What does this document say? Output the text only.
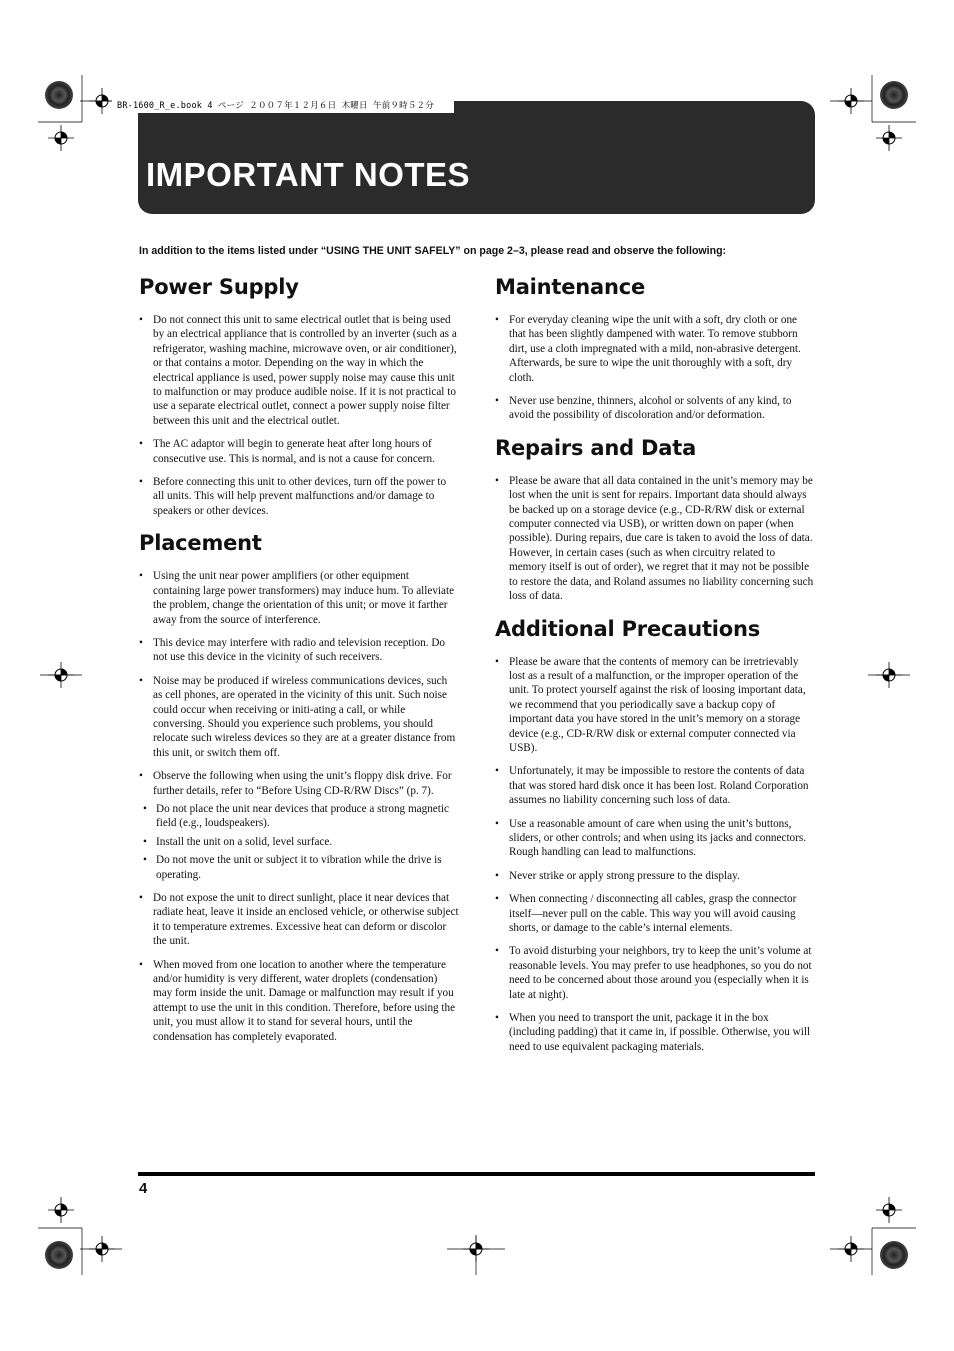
BR-1600_R_e.book 4 ページ ２００７年１２月６日 木曜日 午前９時５２分
IMPORTANT NOTES
In addition to the items listed under “USING THE UNIT SAFELY” on page 2–3, please read and observe the following:
Power Supply
• Do not connect this unit to same electrical outlet that is being used by an electrical appliance that is controlled by an inverter (such as a refrigerator, washing machine, microwave oven, or air conditioner), or that contains a motor. Depending on the way in which the electrical appliance is used, power supply noise may cause this unit to malfunction or may produce audible noise. If it is not practical to use a separate electrical outlet, connect a power supply noise filter between this unit and the electrical outlet.
• The AC adaptor will begin to generate heat after long hours of consecutive use. This is normal, and is not a cause for concern.
• Before connecting this unit to other devices, turn off the power to all units. This will help prevent malfunctions and/or damage to speakers or other devices.
Placement
• Using the unit near power amplifiers (or other equipment containing large power transformers) may induce hum. To alleviate the problem, change the orientation of this unit; or move it farther away from the source of interference.
• This device may interfere with radio and television reception. Do not use this device in the vicinity of such receivers.
• Noise may be produced if wireless communications devices, such as cell phones, are operated in the vicinity of this unit. Such noise could occur when receiving or initi-ating a call, or while conversing. Should you experience such problems, you should relocate such wireless devices so they are at a greater distance from this unit, or switch them off.
• Observe the following when using the unit’s floppy disk drive. For further details, refer to “Before Using CD-R/RW Discs” (p. 7).
• Do not place the unit near devices that produce a strong magnetic field (e.g., loudspeakers).
• Install the unit on a solid, level surface.
• Do not move the unit or subject it to vibration while the drive is operating.
• Do not expose the unit to direct sunlight, place it near devices that radiate heat, leave it inside an enclosed vehicle, or otherwise subject it to temperature extremes. Excessive heat can deform or discolor the unit.
• When moved from one location to another where the temperature and/or humidity is very different, water droplets (condensation) may form inside the unit. Damage or malfunction may result if you attempt to use the unit in this condition. Therefore, before using the unit, you must allow it to stand for several hours, until the condensation has completely evaporated.
Maintenance
• For everyday cleaning wipe the unit with a soft, dry cloth or one that has been slightly dampened with water. To remove stubborn dirt, use a cloth impregnated with a mild, non-abrasive detergent. Afterwards, be sure to wipe the unit thoroughly with a soft, dry cloth.
• Never use benzine, thinners, alcohol or solvents of any kind, to avoid the possibility of discoloration and/or deformation.
Repairs and Data
• Please be aware that all data contained in the unit’s memory may be lost when the unit is sent for repairs. Important data should always be backed up on a storage device (e.g., CD-R/RW disk or external computer connected via USB), or written down on paper (when possible). During repairs, due care is taken to avoid the loss of data. However, in certain cases (such as when circuitry related to memory itself is out of order), we regret that it may not be possible to restore the data, and Roland assumes no liability concerning such loss of data.
Additional Precautions
• Please be aware that the contents of memory can be irretrievably lost as a result of a malfunction, or the improper operation of the unit. To protect yourself against the risk of loosing important data, we recommend that you periodically save a backup copy of important data you have stored in the unit’s memory on a storage device (e.g., CD-R/RW disk or external computer connected via USB).
• Unfortunately, it may be impossible to restore the contents of data that was stored hard disk once it has been lost. Roland Corporation assumes no liability concerning such loss of data.
• Use a reasonable amount of care when using the unit’s buttons, sliders, or other controls; and when using its jacks and connectors. Rough handling can lead to malfunctions.
• Never strike or apply strong pressure to the display.
• When connecting / disconnecting all cables, grasp the connector itself—never pull on the cable. This way you will avoid causing shorts, or damage to the cable’s internal elements.
• To avoid disturbing your neighbors, try to keep the unit’s volume at reasonable levels. You may prefer to use headphones, so you do not need to be concerned about those around you (especially when it is late at night).
• When you need to transport the unit, package it in the box (including padding) that it came in, if possible. Otherwise, you will need to use equivalent packaging materials.
4
